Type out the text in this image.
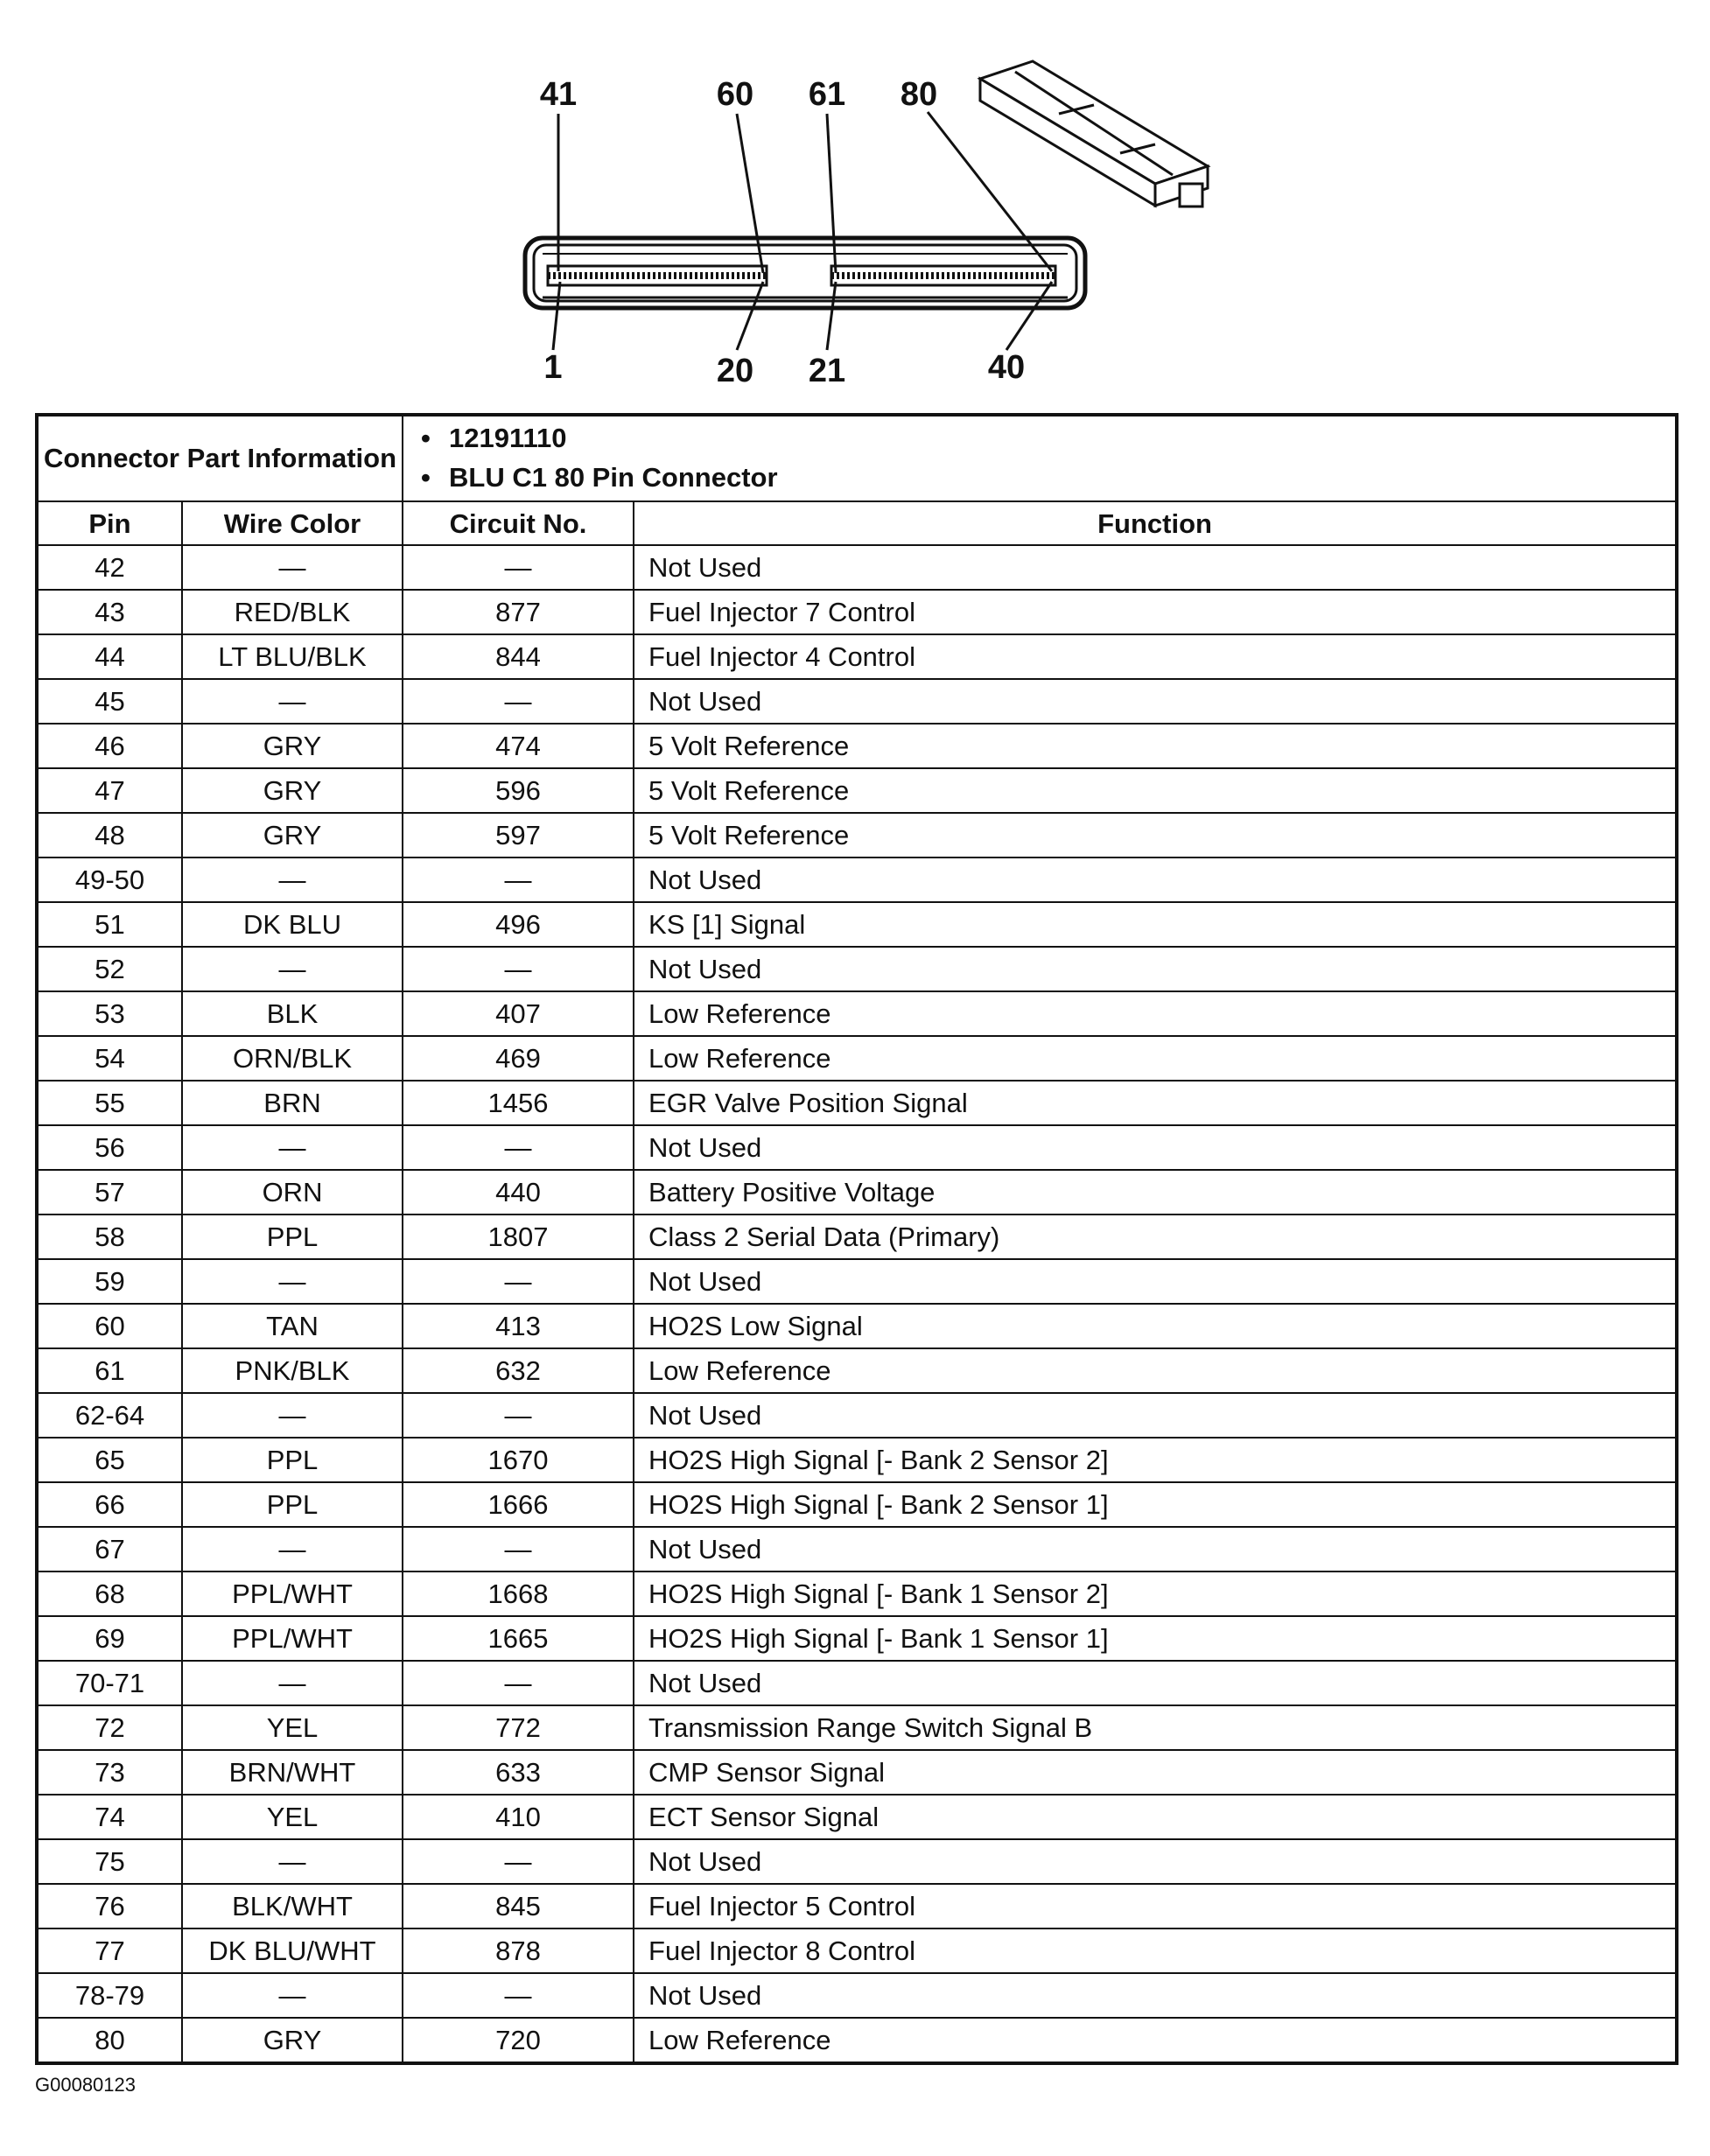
41	60 61 80
1	20 21	40
Connector Part Information		• 12191110
• BLU C1 80 Pin Connector

Pin	Wire Color	Circuit No.	Function
42	—	—	Not Used
43	RED/BLK	877	Fuel Injector 7 Control
44	LT BLU/BLK	844	Fuel Injector 4 Control
45	—	—	Not Used
46	GRY	474	5 Volt Reference
47	GRY	596	5 Volt Reference
48	GRY	597	5 Volt Reference
49-50	—	—	Not Used
51	DK BLU	496	KS [1] Signal
52	—	—	Not Used
53	BLK	407	Low Reference
54	ORN/BLK	469	Low Reference
55	BRN	1456	EGR Valve Position Signal
56	—	—	Not Used
57	ORN	440	Battery Positive Voltage
58	PPL	1807	Class 2 Serial Data (Primary)
59	—	—	Not Used
60	TAN	413	HO2S Low Signal
61	PNK/BLK	632	Low Reference
62-64	—	—	Not Used
65	PPL	1670	HO2S High Signal [- Bank 2 Sensor 2]
66	PPL	1666	HO2S High Signal [- Bank 2 Sensor 1]
67	—	—	Not Used
68	PPL/WHT	1668	HO2S High Signal [- Bank 1 Sensor 2]
69	PPL/WHT	1665	HO2S High Signal [- Bank 1 Sensor 1]
70-71	—	—	Not Used
72	YEL	772	Transmission Range Switch Signal B
73	BRN/WHT	633	CMP Sensor Signal
74	YEL	410	ECT Sensor Signal
75	—	—	Not Used
76	BLK/WHT	845	Fuel Injector 5 Control
77	DK BLU/WHT	878	Fuel Injector 8 Control
78-79	—	—	Not Used
80	GRY	720	Low Reference
G00080123
